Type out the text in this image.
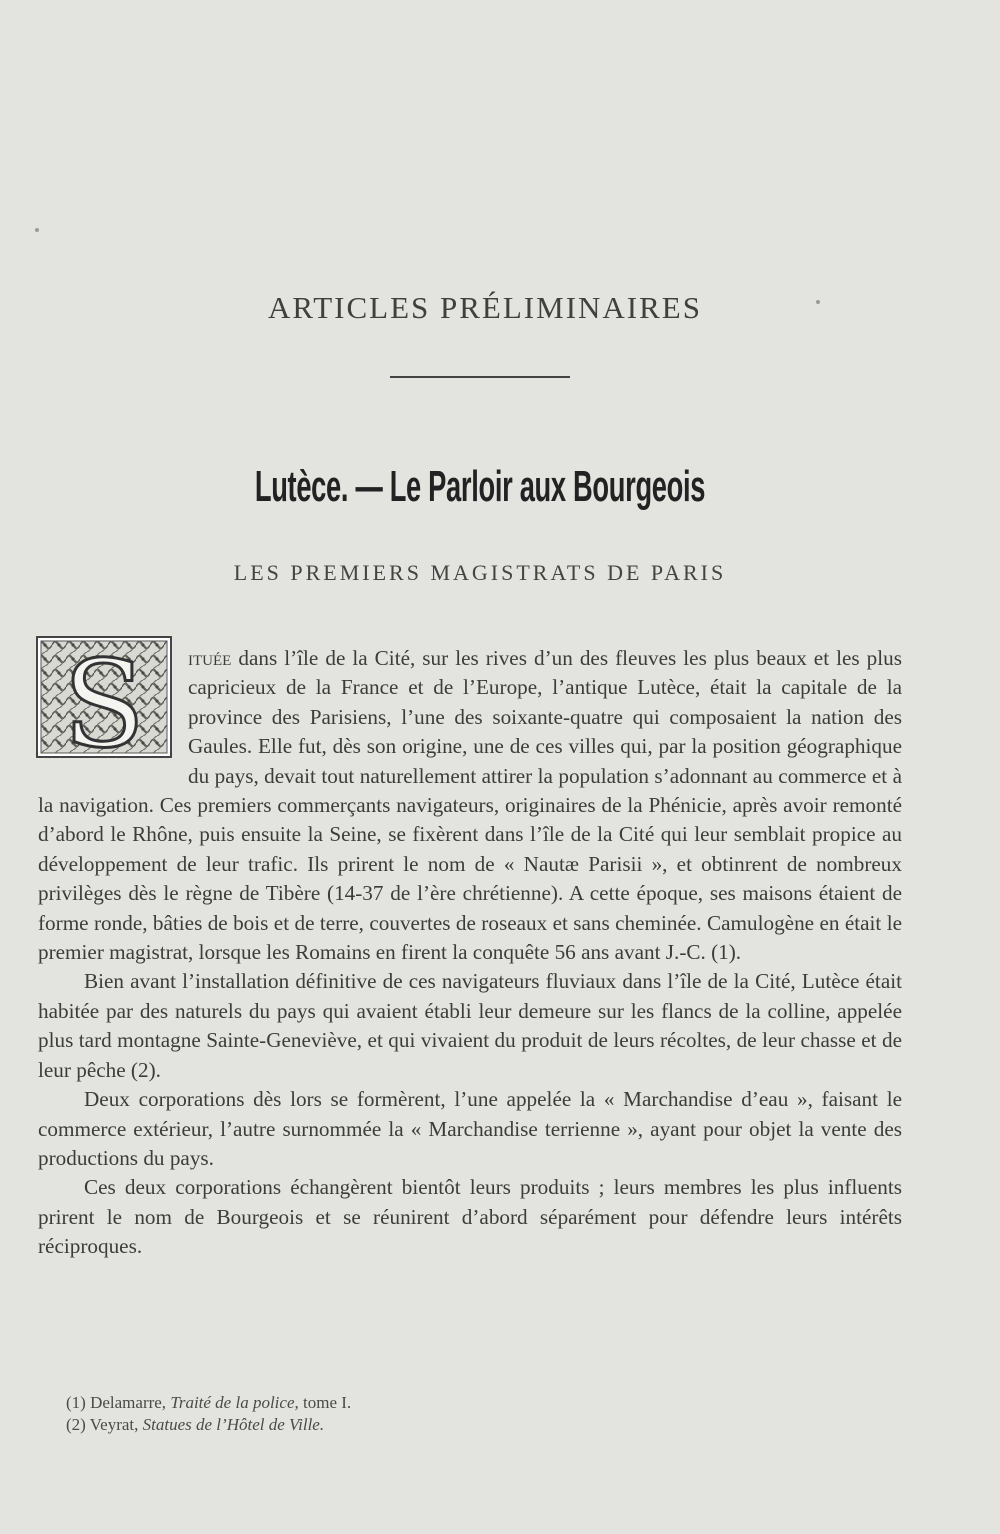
ARTICLES PRÉLIMINAIRES
Lutèce. — Le Parloir aux Bourgeois
LES PREMIERS MAGISTRATS DE PARIS
S	ituée dans l’île de la Cité, sur les rives d’un des fleuves les plus beaux et les plus capricieux de la France et de l’Europe, l’antique Lutèce, était la capitale de la province des Parisiens, l’une des soixante-quatre qui composaient la nation des Gaules. Elle fut, dès son origine, une de ces villes qui, par la position géographique du pays, devait tout naturellement attirer la population s’adonnant au commerce et à la navigation. Ces premiers commerçants navigateurs, originaires de la Phénicie, après avoir remonté d’abord le Rhône, puis ensuite la Seine, se fixèrent dans l’île de la Cité qui leur semblait propice au développement de leur trafic. Ils prirent le nom de « Nautæ Parisii », et obtinrent de nombreux privilèges dès le règne de Tibère (14-37 de l’ère chrétienne). A cette époque, ses maisons étaient de forme ronde, bâties de bois et de terre, couvertes de roseaux et sans cheminée. Camulogène en était le premier magistrat, lorsque les Romains en firent la conquête 56 ans avant J.-C. (1).

Bien avant l’installation définitive de ces navigateurs fluviaux dans l’île de la Cité, Lutèce était habitée par des naturels du pays qui avaient établi leur demeure sur les flancs de la colline, appelée plus tard montagne Sainte-Geneviève, et qui vivaient du produit de leurs récoltes, de leur chasse et de leur pêche (2).

Deux corporations dès lors se formèrent, l’une appelée la « Marchandise d’eau », faisant le commerce extérieur, l’autre surnommée la « Marchandise terrienne », ayant pour objet la vente des productions du pays.

Ces deux corporations échangèrent bientôt leurs produits ; leurs membres les plus influents prirent le nom de Bourgeois et se réunirent d’abord séparément pour défendre leurs intérêts réciproques.

(1) Delamarre, Traité de la police, tome I.
(2) Veyrat, Statues de l’Hôtel de Ville.
